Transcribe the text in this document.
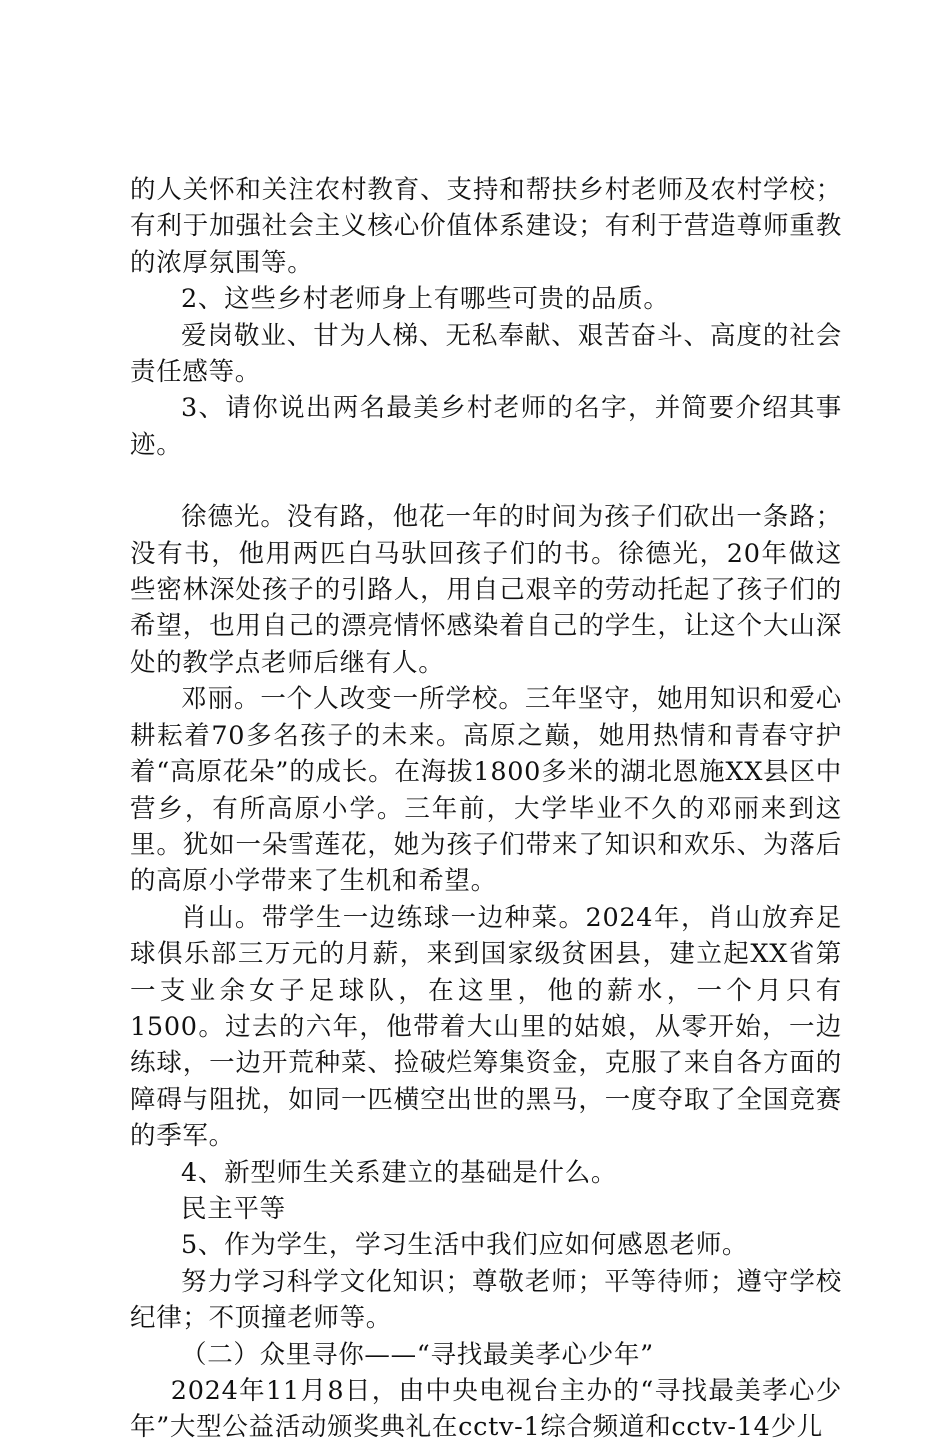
的人关怀和关注农村教育、支持和帮扶乡村老师及农村学校；有利于加强社会主义核心价值体系建设；有利于营造尊师重教的浓厚氛围等。

2、这些乡村老师身上有哪些可贵的品质。

爱岗敬业、甘为人梯、无私奉献、艰苦奋斗、高度的社会责任感等。

3、请你说出两名最美乡村老师的名字，并简要介绍其事迹。

徐德光。没有路，他花一年的时间为孩子们砍出一条路；没有书，他用两匹白马驮回孩子们的书。徐德光，20年做这些密林深处孩子的引路人，用自己艰辛的劳动托起了孩子们的希望，也用自己的漂亮情怀感染着自己的学生，让这个大山深处的教学点老师后继有人。

邓丽。一个人改变一所学校。三年坚守，她用知识和爱心耕耘着70多名孩子的未来。高原之巅，她用热情和青春守护着“高原花朵”的成长。在海拔1800多米的湖北恩施XX县区中营乡，有所高原小学。三年前，大学毕业不久的邓丽来到这里。犹如一朵雪莲花，她为孩子们带来了知识和欢乐、为落后的高原小学带来了生机和希望。

肖山。带学生一边练球一边种菜。2024年，肖山放弃足球俱乐部三万元的月薪，来到国家级贫困县，建立起XX省第一支业余女子足球队，在这里，他的薪水，一个月只有1500。过去的六年，他带着大山里的姑娘，从零开始，一边练球，一边开荒种菜、捡破烂筹集资金，克服了来自各方面的障碍与阻扰，如同一匹横空出世的黑马，一度夺取了全国竞赛的季军。

4、新型师生关系建立的基础是什么。

民主平等

5、作为学生，学习生活中我们应如何感恩老师。

努力学习科学文化知识；尊敬老师；平等待师；遵守学校纪律；不顶撞老师等。

（二）众里寻你——“寻找最美孝心少年”

2024年11月8日，由中央电视台主办的“寻找最美孝心少年”大型公益活动颁奖典礼在cctv-1综合频道和cctv-14少儿
